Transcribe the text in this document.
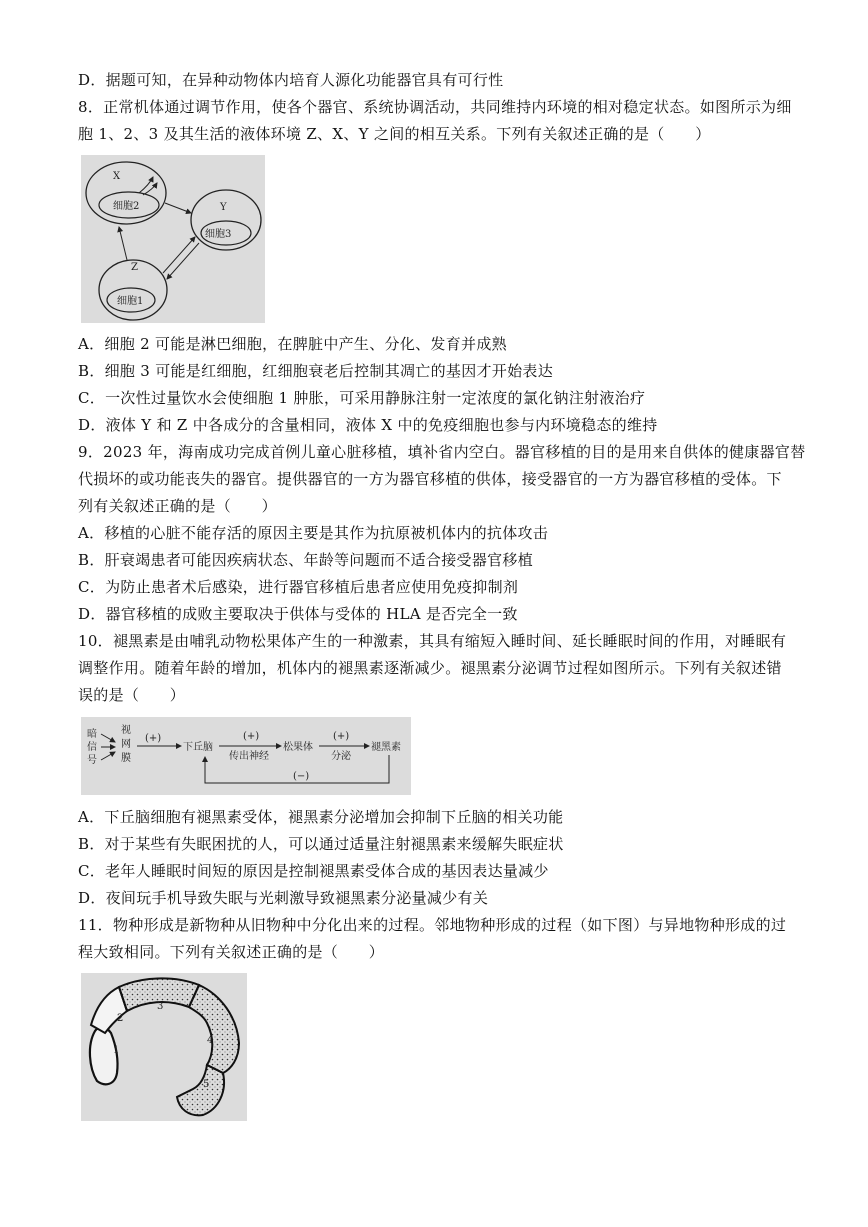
D．据题可知，在异种动物体内培育人源化功能器官具有可行性
8．正常机体通过调节作用，使各个器官、系统协调活动，共同维持内环境的相对稳定状态。如图所示为细
胞 1、2、3 及其生活的液体环境 Z、X、Y 之间的相互关系。下列有关叙述正确的是（　　）
X
细胞2	Y
细胞3
Z
细胞1
A．细胞 2 可能是淋巴细胞，在脾脏中产生、分化、发育并成熟
B．细胞 3 可能是红细胞，红细胞衰老后控制其凋亡的基因才开始表达
C．一次性过量饮水会使细胞 1 肿胀，可采用静脉注射一定浓度的氯化钠注射液治疗
D．液体 Y 和 Z 中各成分的含量相同，液体 X 中的免疫细胞也参与内环境稳态的维持
9．2023 年，海南成功完成首例儿童心脏移植，填补省内空白。器官移植的目的是用来自供体的健康器官替
代损坏的或功能丧失的器官。提供器官的一方为器官移植的供体，接受器官的一方为器官移植的受体。下
列有关叙述正确的是（　　）
A．移植的心脏不能存活的原因主要是其作为抗原被机体内的抗体攻击
B．肝衰竭患者可能因疾病状态、年龄等问题而不适合接受器官移植
C．为防止患者术后感染，进行器官移植后患者应使用免疫抑制剂
D．器官移植的成败主要取决于供体与受体的 HLA 是否完全一致
10．褪黑素是由哺乳动物松果体产生的一种激素，其具有缩短入睡时间、延长睡眠时间的作用，对睡眠有
调整作用。随着年龄的增加，机体内的褪黑素逐渐减少。褪黑素分泌调节过程如图所示。下列有关叙述错
误的是（　　）
暗
信
号
视
网
膜
(+)
下丘脑
(+)
传出神经
松果体
(+)
分泌
褪黑素
(−)
A．下丘脑细胞有褪黑素受体，褪黑素分泌增加会抑制下丘脑的相关功能
B．对于某些有失眠困扰的人，可以通过适量注射褪黑素来缓解失眠症状
C．老年人睡眠时间短的原因是控制褪黑素受体合成的基因表达量减少
D．夜间玩手机导致失眠与光刺激导致褪黑素分泌量减少有关
11．物种形成是新物种从旧物种中分化出来的过程。邻地物种形成的过程（如下图）与异地物种形成的过
程大致相同。下列有关叙述正确的是（　　）
1
2
3
4
5
